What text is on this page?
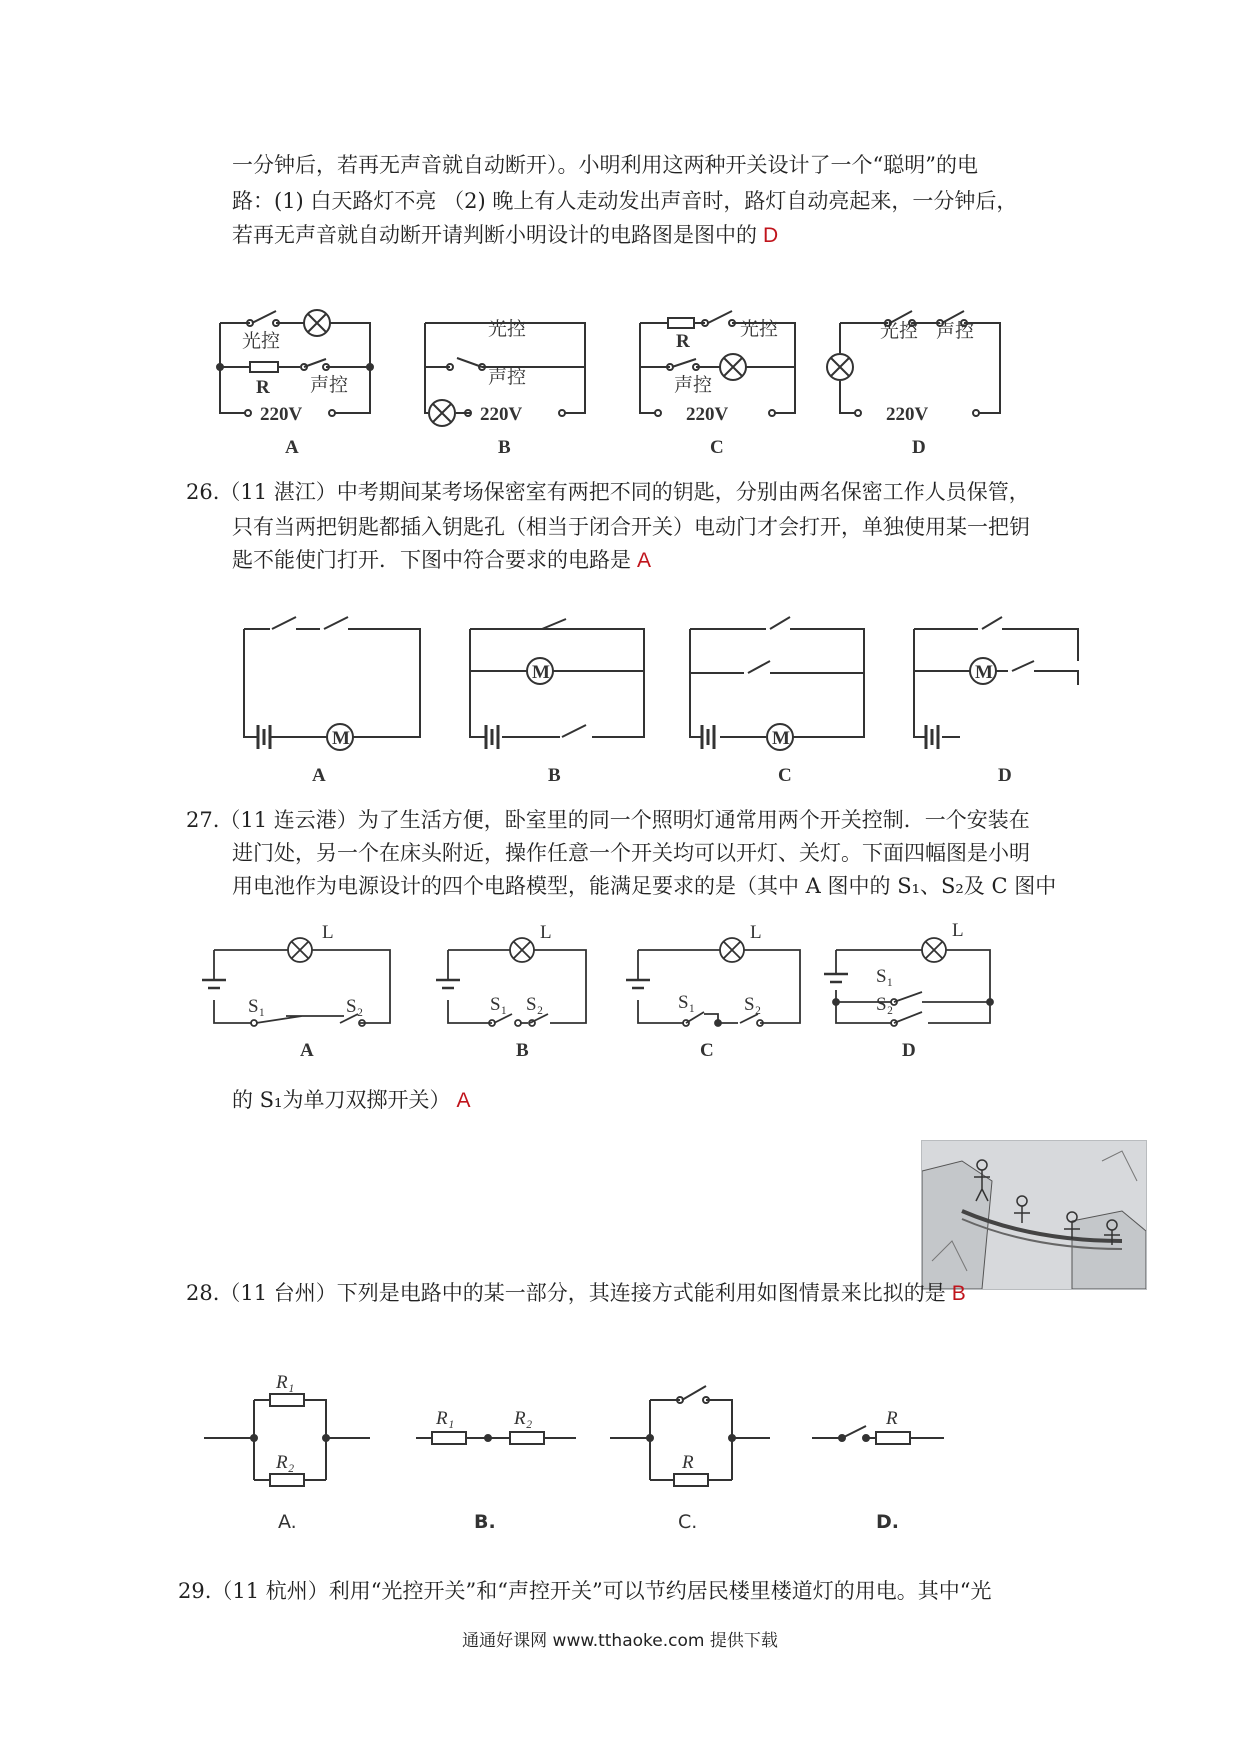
一分钟后，若再无声音就自动断开）。小明利用这两种开关设计了一个“聪明”的电
路：(1) 白天路灯不亮 （2) 晚上有人走动发出声音时，路灯自动亮起来，一分钟后，
若再无声音就自动断开请判断小明设计的电路图是图中的 D
光控
R 声控
220V
A
光控
声控
220V
B
R
光控
声控
220V
C
光控 声控
220V
D
26.（11 湛江）中考期间某考场保密室有两把不同的钥匙，分别由两名保密工作人员保管，
只有当两把钥匙都插入钥匙孔（相当于闭合开关）电动门才会打开，单独使用某一把钥
匙不能使门打开．下图中符合要求的电路是 A
M
M
M
M
A	B	C	D
27.（11 连云港）为了生活方便，卧室里的同一个照明灯通常用两个开关控制．一个安装在
进门处，另一个在床头附近，操作任意一个开关均可以开灯、关灯。下面四幅图是小明
用电池作为电源设计的四个电路模型，能满足要求的是（其中 A 图中的 S₁、S₂及 C 图中
L
S₁	S₂
A
L
S₁ S₂
B
L
S₁	S₂
C
L
S₁
S₂
D
的 S₁为单刀双掷开关） A
28.（11 台州）下列是电路中的某一部分，其连接方式能利用如图情景来比拟的是 B
R₁
R₂
R₁	R₂
R
R
A.	B.	C.	D.
29.（11 杭州）利用“光控开关”和“声控开关”可以节约居民楼里楼道灯的用电。其中“光
通通好课网 www.tthaoke.com 提供下载
